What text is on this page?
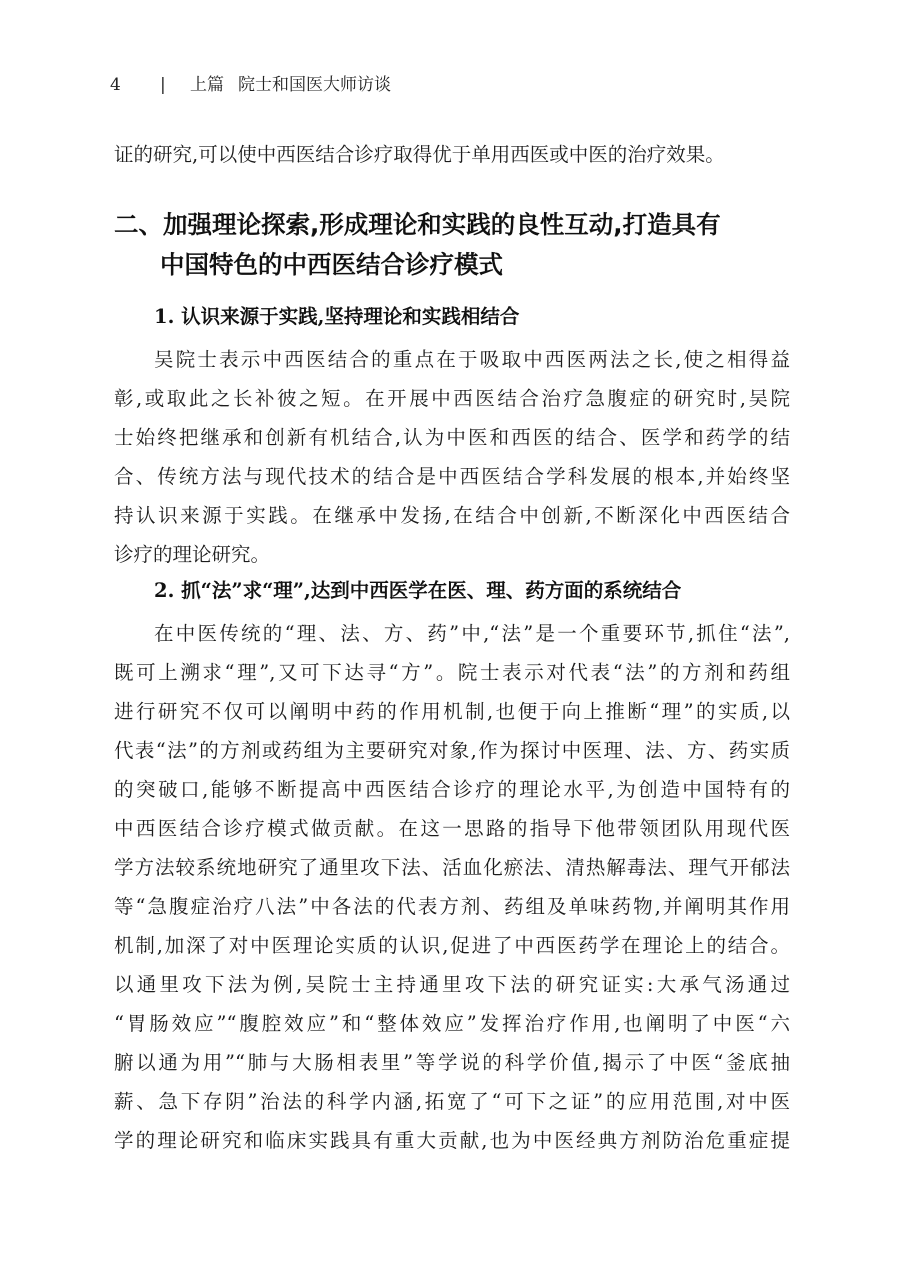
4 | 上篇 院士和国医大师访谈
证的研究,可以使中西医结合诊疗取得优于单用西医或中医的治疗效果。
二、加强理论探索,形成理论和实践的良性互动,打造具有
中国特色的中西医结合诊疗模式
1. 认识来源于实践,坚持理论和实践相结合
吴院士表示中西医结合的重点在于吸取中西医两法之长,使之相得益
彰,或取此之长补彼之短。在开展中西医结合治疗急腹症的研究时,吴院
士始终把继承和创新有机结合,认为中医和西医的结合、医学和药学的结
合、传统方法与现代技术的结合是中西医结合学科发展的根本,并始终坚
持认识来源于实践。在继承中发扬,在结合中创新,不断深化中西医结合
诊疗的理论研究。
2. 抓“法”求“理”,达到中西医学在医、理、药方面的系统结合
在中医传统的“理、法、方、药”中,“法”是一个重要环节,抓住“法”,
既可上溯求“理”,又可下达寻“方”。院士表示对代表“法”的方剂和药组
进行研究不仅可以阐明中药的作用机制,也便于向上推断“理”的实质,以
代表“法”的方剂或药组为主要研究对象,作为探讨中医理、法、方、药实质
的突破口,能够不断提高中西医结合诊疗的理论水平,为创造中国特有的
中西医结合诊疗模式做贡献。在这一思路的指导下他带领团队用现代医
学方法较系统地研究了通里攻下法、活血化瘀法、清热解毒法、理气开郁法
等“急腹症治疗八法”中各法的代表方剂、药组及单味药物,并阐明其作用
机制,加深了对中医理论实质的认识,促进了中西医药学在理论上的结合。
以通里攻下法为例,吴院士主持通里攻下法的研究证实:大承气汤通过
“胃肠效应”“腹腔效应”和“整体效应”发挥治疗作用,也阐明了中医“六
腑以通为用”“肺与大肠相表里”等学说的科学价值,揭示了中医“釜底抽
薪、急下存阴”治法的科学内涵,拓宽了“可下之证”的应用范围,对中医
学的理论研究和临床实践具有重大贡献,也为中医经典方剂防治危重症提
